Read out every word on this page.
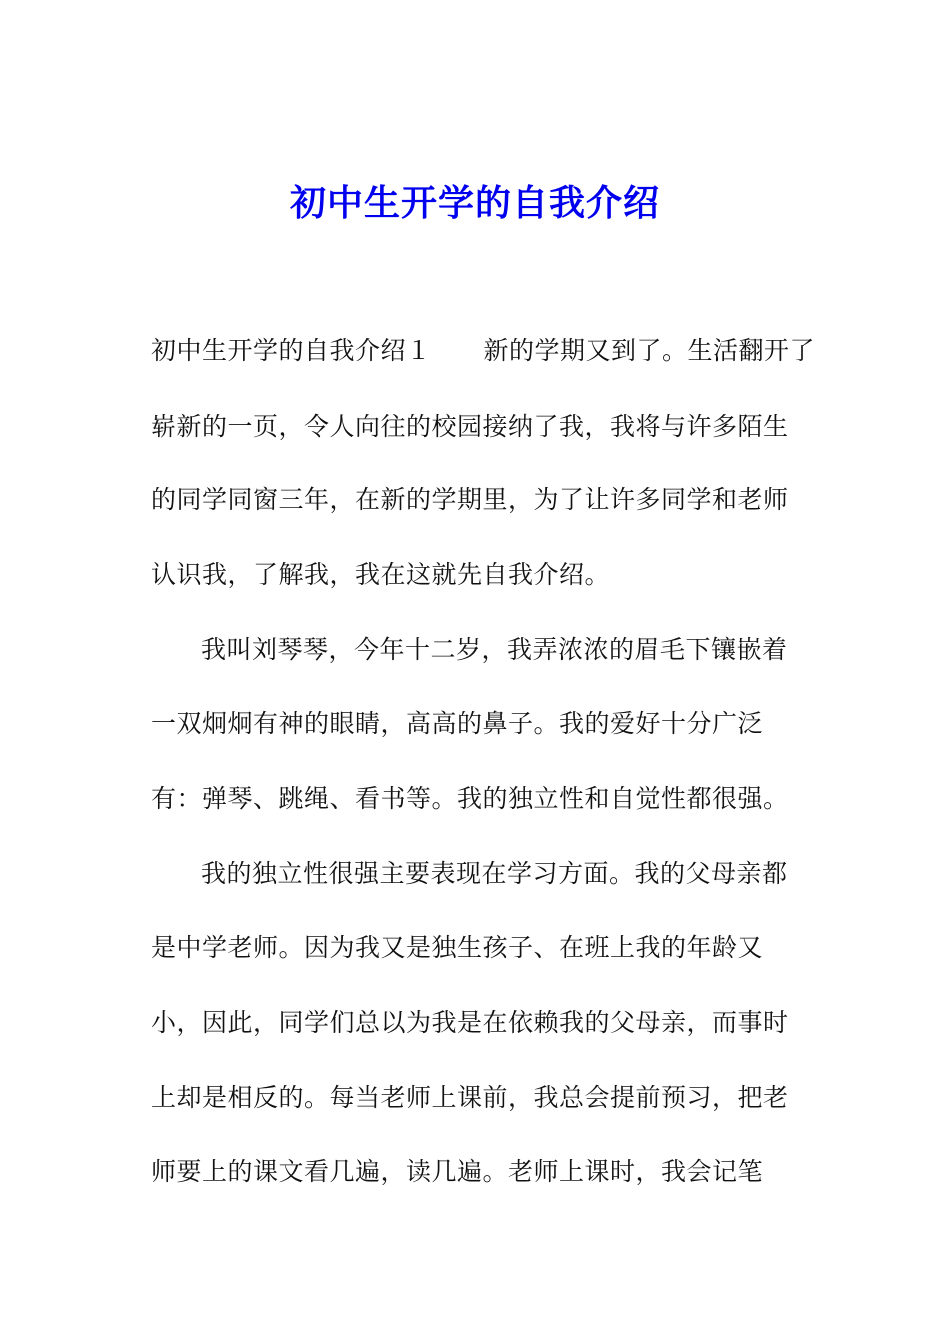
初中生开学的自我介绍
初中生开学的自我介绍１ 新的学期又到了。生活翻开了
崭新的一页，令人向往的校园接纳了我，我将与许多陌生
的同学同窗三年，在新的学期里，为了让许多同学和老师
认识我，了解我，我在这就先自我介绍。
我叫刘琴琴，今年十二岁，我弄浓浓的眉毛下镶嵌着
一双炯炯有神的眼睛，高高的鼻子。我的爱好十分广泛
有：弹琴、跳绳、看书等。我的独立性和自觉性都很强。
我的独立性很强主要表现在学习方面。我的父母亲都
是中学老师。因为我又是独生孩子、在班上我的年龄又
小，因此，同学们总以为我是在依赖我的父母亲，而事时
上却是相反的。每当老师上课前，我总会提前预习，把老
师要上的课文看几遍，读几遍。老师上课时，我会记笔
